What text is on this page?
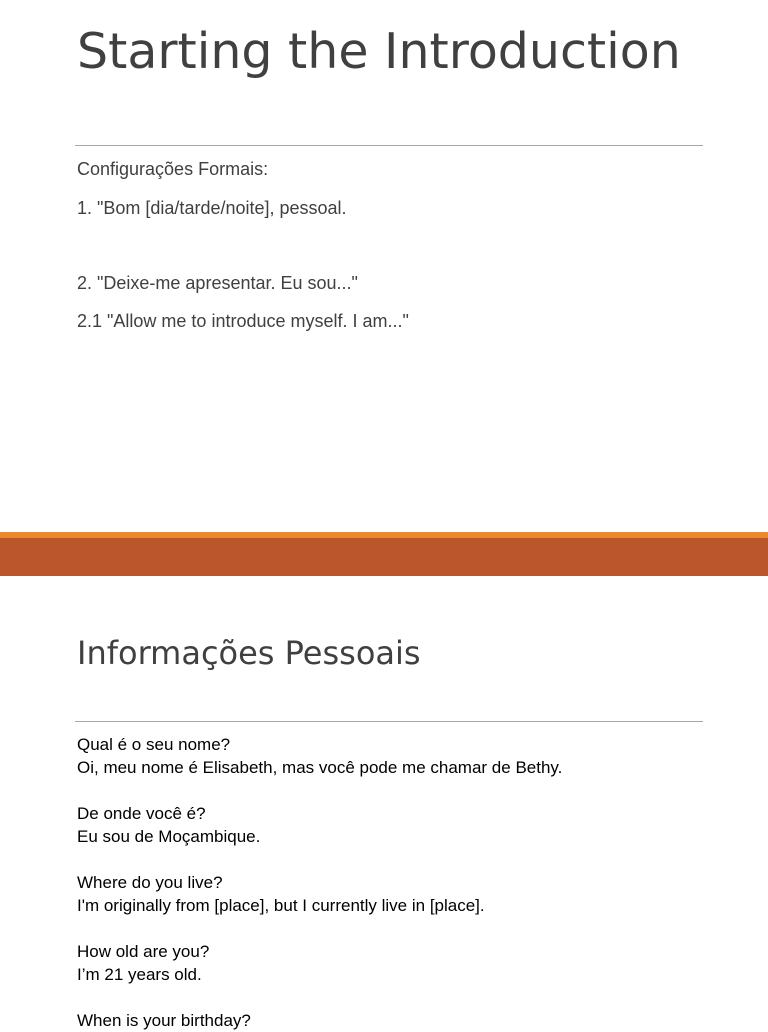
Starting the Introduction

Configurações Formais:

1. "Bom [dia/tarde/noite], pessoal.

2. "Deixe-me apresentar. Eu sou..."

2.1 "Allow me to introduce myself. I am..."

Informações Pessoais
Qual é o seu nome?
Oi, meu nome é Elisabeth, mas você pode me chamar de Bethy.
De onde você é?
Eu sou de Moçambique.
Where do you live?
I'm originally from [place], but I currently live in [place].
How old are you?
I’m 21 years old.
When is your birthday?
